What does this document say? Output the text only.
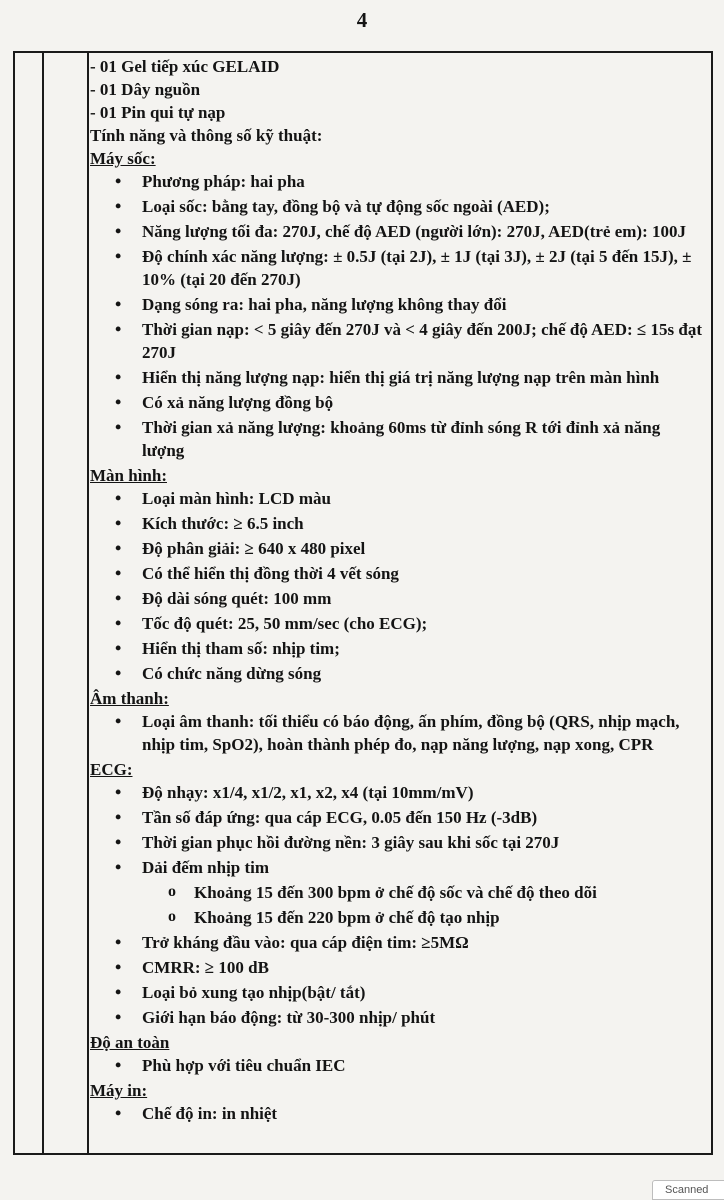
4
- 01 Gel tiếp xúc GELAID
- 01 Dây nguồn
- 01 Pin qui tự nạp
Tính năng và thông số kỹ thuật:
Máy sốc:
• Phương pháp: hai pha
• Loại sốc: bằng tay, đồng bộ và tự động sốc ngoài (AED);
• Năng lượng tối đa: 270J, chế độ AED (người lớn): 270J, AED(trẻ em): 100J
• Độ chính xác năng lượng: ± 0.5J (tại 2J), ± 1J (tại 3J), ± 2J (tại 5 đến 15J), ± 10% (tại 20 đến 270J)
• Dạng sóng ra: hai pha, năng lượng không thay đổi
• Thời gian nạp: < 5 giây đến 270J và < 4 giây đến 200J; chế độ AED: ≤ 15s đạt 270J
• Hiển thị năng lượng nạp: hiển thị giá trị năng lượng nạp trên màn hình
• Có xả năng lượng đồng bộ
• Thời gian xả năng lượng: khoảng 60ms từ đỉnh sóng R tới đỉnh xả năng lượng
Màn hình:
• Loại màn hình: LCD màu
• Kích thước: ≥ 6.5 inch
• Độ phân giải: ≥ 640 x 480 pixel
• Có thể hiển thị đồng thời 4 vết sóng
• Độ dài sóng quét: 100 mm
• Tốc độ quét: 25, 50 mm/sec (cho ECG);
• Hiển thị tham số: nhịp tim;
• Có chức năng dừng sóng
Âm thanh:
• Loại âm thanh: tối thiểu có báo động, ấn phím, đồng bộ (QRS, nhịp mạch, nhịp tim, SpO2), hoàn thành phép đo, nạp năng lượng, nạp xong, CPR
ECG:
• Độ nhạy: x1/4, x1/2, x1, x2, x4 (tại 10mm/mV)
• Tần số đáp ứng: qua cáp ECG, 0.05 đến 150 Hz (-3dB)
• Thời gian phục hồi đường nền: 3 giây sau khi sốc tại 270J
• Dải đếm nhịp tim
o Khoảng 15 đến 300 bpm ở chế độ sốc và chế độ theo dõi
o Khoảng 15 đến 220 bpm ở chế độ tạo nhịp
• Trở kháng đầu vào: qua cáp điện tim: ≥5MΩ
• CMRR: ≥ 100 dB
• Loại bỏ xung tạo nhịp(bật/ tắt)
• Giới hạn báo động: từ 30-300 nhịp/ phút
Độ an toàn
• Phù hợp với tiêu chuẩn IEC
Máy in:
• Chế độ in: in nhiệt
Scanned
